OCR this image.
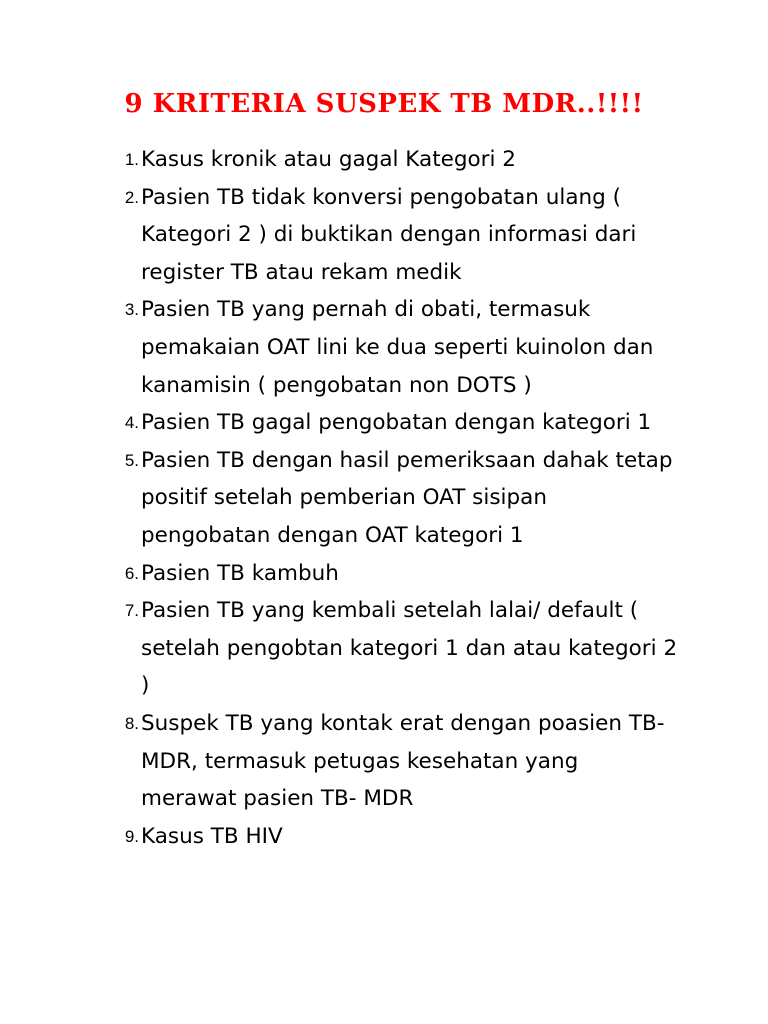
9 KRITERIA SUSPEK TB MDR..!!!!
1. Kasus kronik atau gagal Kategori 2
2. Pasien TB tidak konversi pengobatan ulang ( Kategori 2 ) di buktikan dengan informasi dari register TB atau rekam medik
3. Pasien TB yang pernah di obati, termasuk pemakaian OAT lini ke dua seperti kuinolon dan kanamisin ( pengobatan non DOTS )
4. Pasien TB gagal pengobatan dengan kategori 1
5. Pasien TB dengan hasil pemeriksaan dahak tetap positif setelah pemberian OAT sisipan pengobatan dengan OAT kategori 1
6. Pasien TB kambuh
7. Pasien TB yang kembali setelah lalai/ default ( setelah pengobtan kategori 1 dan atau kategori 2 )
8. Suspek TB yang kontak erat dengan poasien TB- MDR, termasuk petugas kesehatan yang merawat pasien TB- MDR
9. Kasus TB HIV
